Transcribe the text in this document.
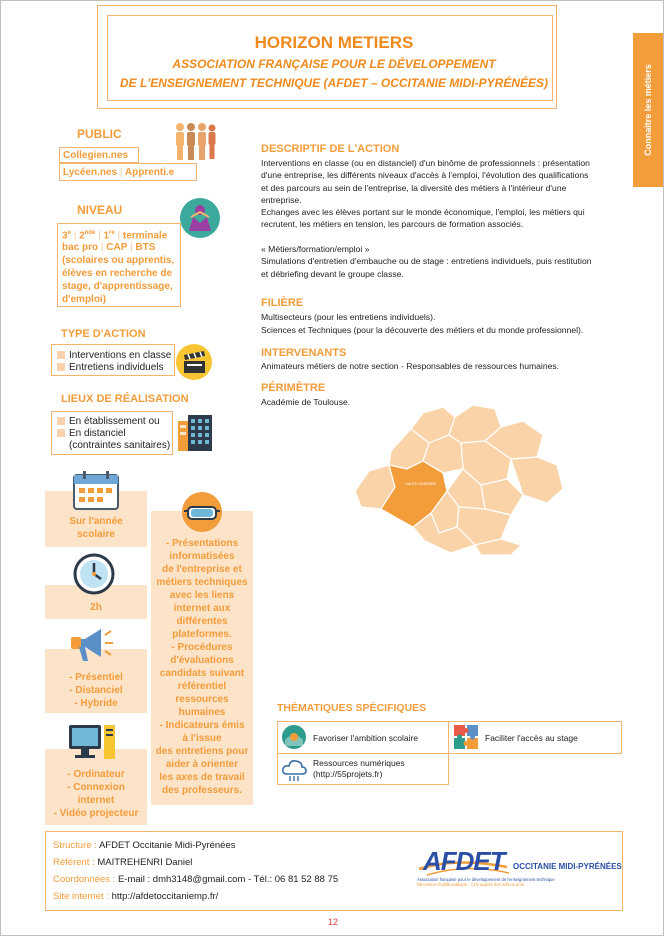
HORIZON METIERS
ASSOCIATION FRANÇAISE POUR LE DÉVELOPPEMENT
DE L'ENSEIGNEMENT TECHNIQUE (AFDET – OCCITANIE MIDI-PYRÉNÉES)	Connaître les métiers
PUBLIC
Collegien.nes
Lycéen.nes | Apprenti.e
NIVEAU
3e | 2nde | 1re | terminale
bac pro | CAP | BTS
(scolaires ou apprentis, élèves en recherche de stage, d'apprentissage, d'emploi)
TYPE D'ACTION
Interventions en classe
Entretiens individuels
LIEUX DE RÉALISATION
En établissement ou
En distanciel
(contraintes sanitaires)
Sur l'année
scolaire
2h
- Présentiel
- Distanciel
- Hybride
- Ordinateur
- Connexion
internet
- Vidéo projecteur
- Présentations
informatisées
de l'entreprise et
métiers techniques
avec les liens
internet aux
différentes
plateformes.
- Procédures
d'évaluations
candidats suivant
référentiel
ressources
humaines
- Indicateurs émis
à l'issue
des entretiens pour
aider à orienter
les axes de travail
des professeurs.
DESCRIPTIF DE L'ACTION
Interventions en classe (ou en distanciel) d'un binôme de professionnels : présentation
d'une entreprise, les différents niveaux d'accès à l'emploi, l'évolution des qualifications
et des parcours au sein de l'entreprise, la diversité des métiers à l'intérieur d'une
entreprise.
Echanges avec les élèves portant sur le monde économique, l'emploi, les métiers qui
recrutent, les métiers en tension, les parcours de formation associés.

« Métiers/formation/emploi »
Simulations d'entretien d'embauche ou de stage : entretiens individuels, puis restitution
et débriefing devant le groupe classe.
FILIÈRE
Multisecteurs (pour les entretiens individuels).
Sciences et Techniques (pour la découverte des métiers et du monde professionnel).
INTERVENANTS
Animateurs métiers de notre section - Responsables de ressources humaines.
PÉRIMÈTRE
Académie de Toulouse.
HAUTE-GARONNE
THÉMATIQUES SPÉCIFIQUES
Favoriser l'ambition scolaire	Faciliter l'accès au stage
Ressources numériques
(http://55projets.fr)
Structure : AFDET Occitanie Midi-Pyrénées
Référent : MAITREHENRI Daniel
Coordonnées : E-mail : dmh3148@gmail.com - Tél.: 06 81 52 88 75
Site internet : http://afdetoccitaniemp.fr/
AFDET OCCITANIE MIDI-PYRÉNÉES
Association française pour le développement de l'enseignement technique
Reconnue d'utilité publique - Cr/e auprès des milieux droit
12
